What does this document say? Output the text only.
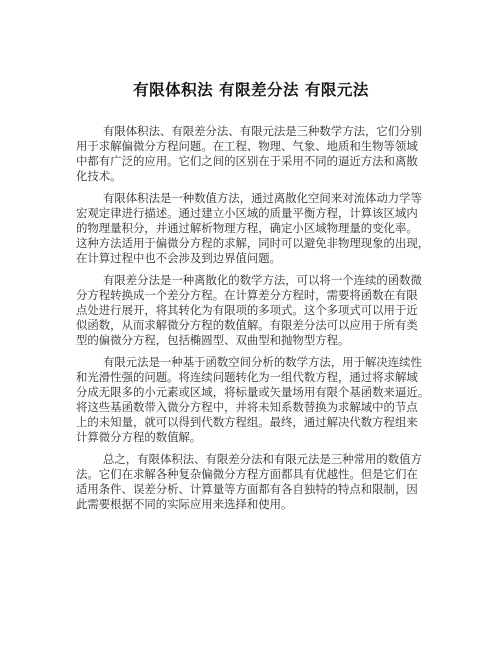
有限体积法 有限差分法 有限元法

有限体积法、有限差分法、有限元法是三种数学方法，它们分别

用于求解偏微分方程问题。在工程、物理、气象、地质和生物等领域

中都有广泛的应用。它们之间的区别在于采用不同的逼近方法和离散

化技术。

有限体积法是一种数值方法，通过离散化空间来对流体动力学等

宏观定律进行描述。通过建立小区域的质量平衡方程，计算该区域内

的物理量积分，并通过解析物理方程，确定小区域物理量的变化率。

这种方法适用于偏微分方程的求解，同时可以避免非物理现象的出现，

在计算过程中也不会涉及到边界值问题。

有限差分法是一种离散化的数学方法，可以将一个连续的函数微

分方程转换成一个差分方程。在计算差分方程时，需要将函数在有限

点处进行展开，将其转化为有限项的多项式。这个多项式可以用于近

似函数，从而求解微分方程的数值解。有限差分法可以应用于所有类

型的偏微分方程，包括椭圆型、双曲型和抛物型方程。

有限元法是一种基于函数空间分析的数学方法，用于解决连续性

和光滑性强的问题。将连续问题转化为一组代数方程，通过将求解域

分成无限多的小元素或区域，将标量或矢量场用有限个基函数来逼近。

将这些基函数带入微分方程中，并将未知系数替换为求解域中的节点

上的未知量，就可以得到代数方程组。最终，通过解决代数方程组来

计算微分方程的数值解。

总之，有限体积法、有限差分法和有限元法是三种常用的数值方

法。它们在求解各种复杂偏微分方程方面都具有优越性。但是它们在

适用条件、误差分析、计算量等方面都有各自独特的特点和限制，因

此需要根据不同的实际应用来选择和使用。
